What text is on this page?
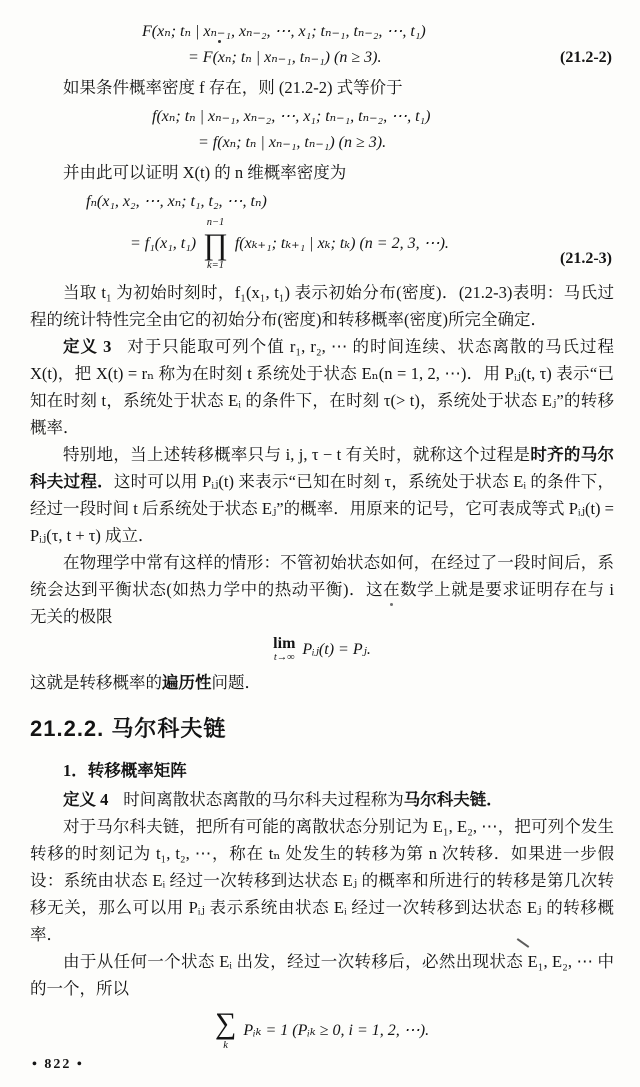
F(xₙ; tₙ | xₙ₋₁, xₙ₋₂, ⋯, x₁; tₙ₋₁, tₙ₋₂, ⋯, t₁)
= F(xₙ; tₙ | xₙ₋₁, tₙ₋₁) (n ≥ 3).	(21.2-2)

如果条件概率密度 f 存在，则 (21.2-2) 式等价于

f(xₙ; tₙ | xₙ₋₁, xₙ₋₂, ⋯, x₁; tₙ₋₁, tₙ₋₂, ⋯, t₁)
= f(xₙ; tₙ | xₙ₋₁, tₙ₋₁) (n ≥ 3).

并由此可以证明 X(t) 的 n 维概率密度为

fₙ(x₁, x₂, ⋯, xₙ; t₁, t₂, ⋯, tₙ)
= f₁(x₁, t₁)
n−1
∏
k=1
f(xₖ₊₁; tₖ₊₁ | xₖ; tₖ) (n = 2, 3, ⋯).
(21.2-3)

当取 t₁ 为初始时刻时，f₁(x₁, t₁) 表示初始分布(密度)．(21.2-3)表明：马氏过程的统计特性完全由它的初始分布(密度)和转移概率(密度)所完全确定．

定义 3 对于只能取可列个值 r₁, r₂, ⋯ 的时间连续、状态离散的马氏过程 X(t)，把 X(t) = rₙ 称为在时刻 t 系统处于状态 Eₙ(n = 1, 2, ⋯)．用 Pᵢⱼ(t, τ) 表示“已知在时刻 t，系统处于状态 Eᵢ 的条件下，在时刻 τ(> t)，系统处于状态 Eⱼ”的转移概率．

特别地，当上述转移概率只与 i, j, τ − t 有关时，就称这个过程是时齐的马尔科夫过程．这时可以用 Pᵢⱼ(t) 来表示“已知在时刻 τ，系统处于状态 Eᵢ 的条件下，经过一段时间 t 后系统处于状态 Eⱼ”的概率．用原来的记号，它可表成等式 Pᵢⱼ(t) = Pᵢⱼ(τ, t + τ) 成立．

在物理学中常有这样的情形：不管初始状态如何，在经过了一段时间后，系统会达到平衡状态(如热力学中的热动平衡)．这在数学上就是要求证明存在与 i 无关的极限

lim
t→∞ Pᵢⱼ(t) = Pⱼ.

这就是转移概率的遍历性问题．

21.2.2. 马尔科夫链
1．转移概率矩阵

定义 4 时间离散状态离散的马尔科夫过程称为马尔科夫链．

对于马尔科夫链，把所有可能的离散状态分别记为 E₁, E₂, ⋯，把可列个发生转移的时刻记为 t₁, t₂, ⋯，称在 tₙ 处发生的转移为第 n 次转移．如果进一步假设：系统由状态 Eᵢ 经过一次转移到达状态 Eⱼ 的概率和所进行的转移是第几次转移无关，那么可以用 Pᵢⱼ 表示系统由状态 Eᵢ 经过一次转移到达状态 Eⱼ 的转移概率．

由于从任何一个状态 Eᵢ 出发，经过一次转移后，必然出现状态 E₁, E₂, ⋯ 中的一个，所以

∑
k
Pᵢₖ = 1 (Pᵢₖ ≥ 0, i = 1, 2, ⋯).
• 822 •
